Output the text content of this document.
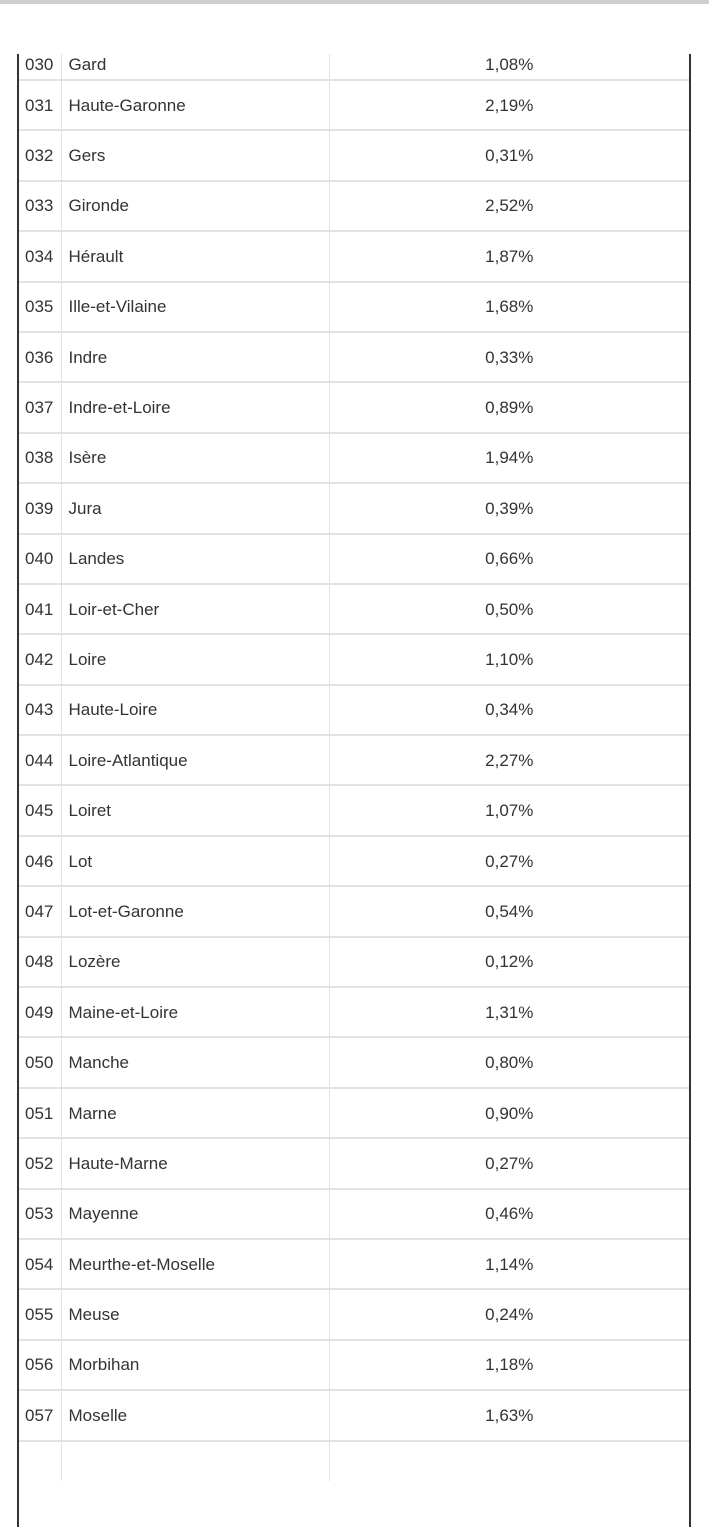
030	Gard	1,08%
031	Haute-Garonne	2,19%
032	Gers	0,31%
033	Gironde	2,52%
034	Hérault	1,87%
035	Ille-et-Vilaine	1,68%
036	Indre	0,33%
037	Indre-et-Loire	0,89%
038	Isère	1,94%
039	Jura	0,39%
040	Landes	0,66%
041	Loir-et-Cher	0,50%
042	Loire	1,10%
043	Haute-Loire	0,34%
044	Loire-Atlantique	2,27%
045	Loiret	1,07%
046	Lot	0,27%
047	Lot-et-Garonne	0,54%
048	Lozère	0,12%
049	Maine-et-Loire	1,31%
050	Manche	0,80%
051	Marne	0,90%
052	Haute-Marne	0,27%
053	Mayenne	0,46%
054	Meurthe-et-Moselle	1,14%
055	Meuse	0,24%
056	Morbihan	1,18%
057	Moselle	1,63%
